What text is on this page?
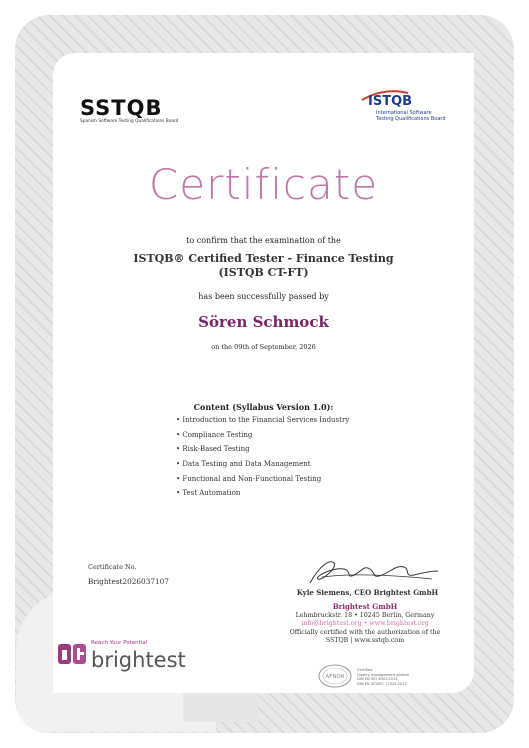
SSTQB
Spanish Software Testing Qualifications Board
ISTQB
International Software
Testing Qualifications Board
Certificate
to confirm that the examination of the
ISTQB® Certified Tester - Finance Testing
(ISTQB CT-FT)
has been successfully passed by
Sören Schmock
on the 09th of September, 2026
Content (Syllabus Version 1.0):
• Introduction to the Financial Services Industry
• Compliance Testing
• Risk-Based Testing
• Data Testing and Data Management
• Functional and Non-Functional Testing
• Test Automation
Certificate No.
Brightest2026037107
Kyle Siemens, CEO Brightest GmbH
Brightest GmbH
Lehmbruckstr. 18 • 10245 Berlin, Germany
info@brightest.org • www.brightest.org
Officially certified with the authorization of the
SSTQB | www.sstqb.com
AFNOR
Certified
Quality management system
DIN EN ISO 9001:2015
DIN EN ISO/IEC 17024:2012
Reach Your Potential
brightest
